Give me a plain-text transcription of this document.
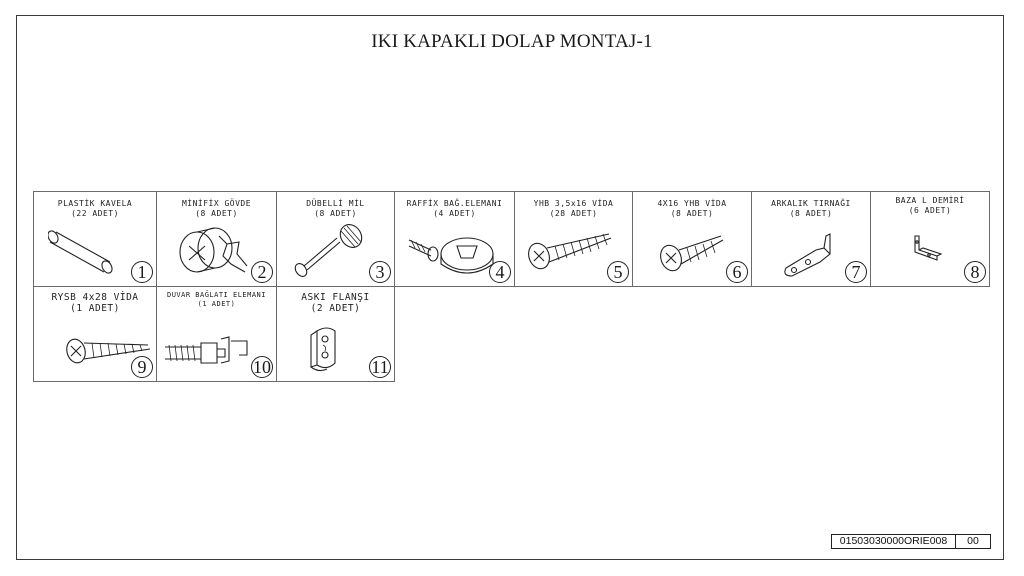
IKI KAPAKLI DOLAP MONTAJ-1
PLASTİK KAVELA
(22 ADET)
1
MİNİFİX GÖVDE
(8 ADET)
2
DÜBELLİ MİL
(8 ADET)
3
RAFFİX BAĞ.ELEMANI
(4 ADET)
4
YHB 3,5x16 VİDA
(28 ADET)
5
4X16 YHB VİDA
(8 ADET)
6
ARKALIK TIRNAĞI
(8 ADET)
7
BAZA L DEMİRİ
(6 ADET)
8
RYSB 4x28 VİDA
(1 ADET)
9
DUVAR BAĞLATI ELEMANI
(1 ADET)
10
ASKI FLANŞI
(2 ADET)
11
01503030000ORIE008	00
